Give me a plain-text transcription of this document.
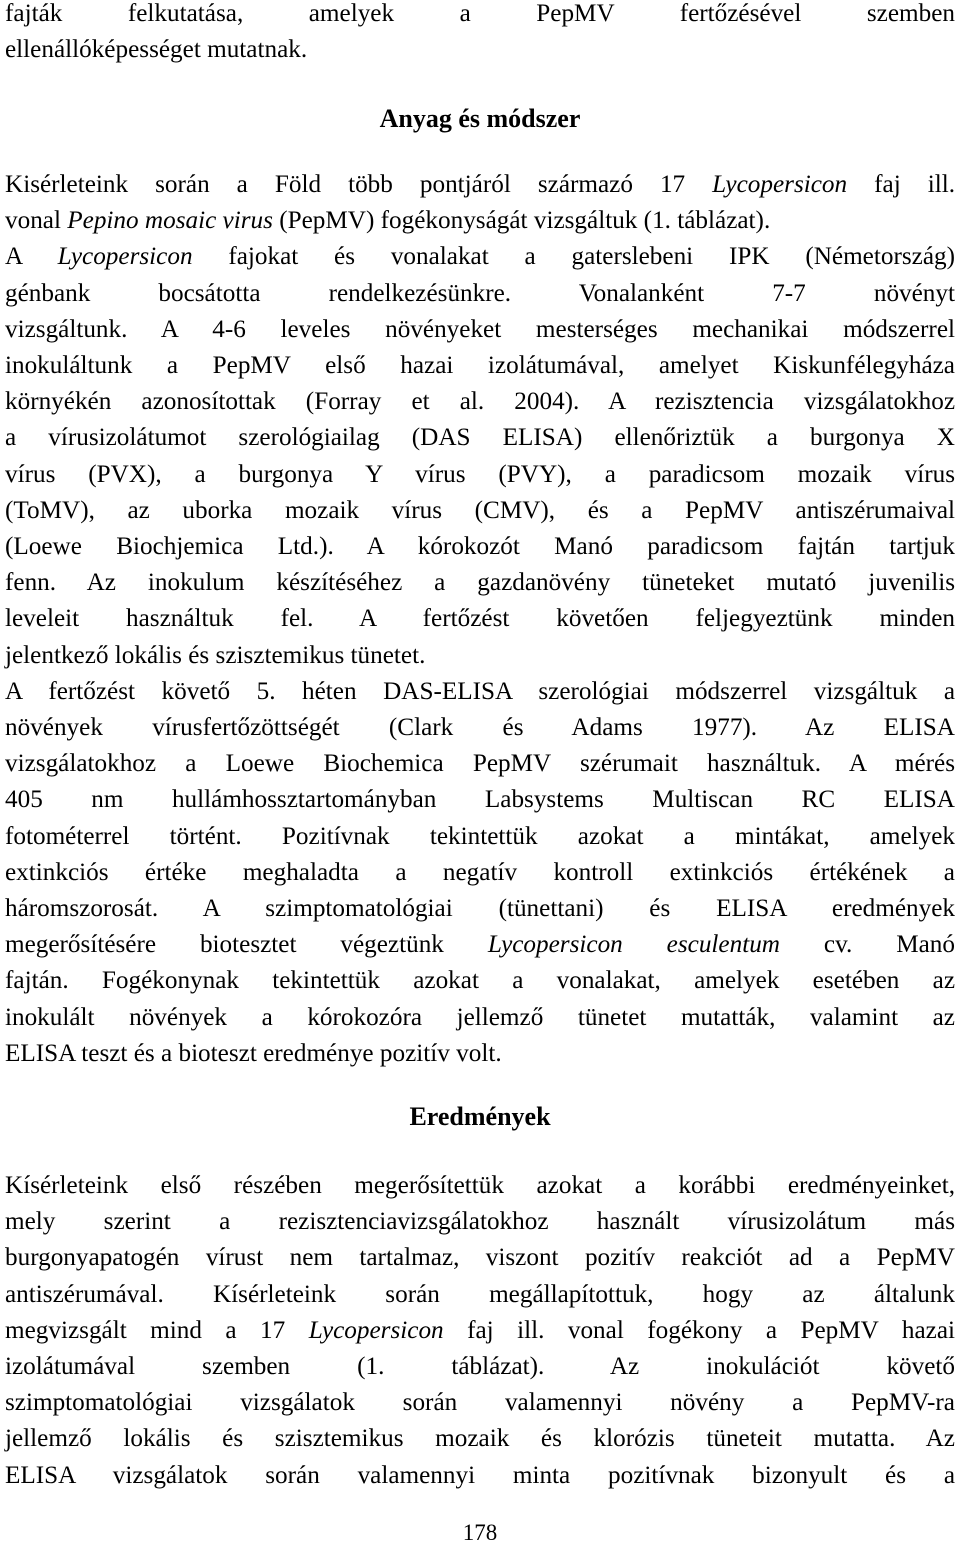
fajták felkutatása, amelyek a PepMV fertőzésével szemben
ellenállóképességet mutatnak.
Anyag és módszer
Kisérleteink során a Föld több pontjáról származó 17 Lycopersicon faj ill.
vonal Pepino mosaic virus (PepMV) fogékonyságát vizsgáltuk (1. táblázat).
A Lycopersicon fajokat és vonalakat a gaterslebeni IPK (Németország)
génbank bocsátotta rendelkezésünkre. Vonalanként 7-7 növényt
vizsgáltunk. A 4-6 leveles növényeket mesterséges mechanikai módszerrel
inokuláltunk a PepMV első hazai izolátumával, amelyet Kiskunfélegyháza
környékén azonosítottak (Forray et al. 2004). A rezisztencia vizsgálatokhoz
a vírusizolátumot szerológiailag (DAS ELISA) ellenőriztük a burgonya X
vírus (PVX), a burgonya Y vírus (PVY), a paradicsom mozaik vírus
(ToMV), az uborka mozaik vírus (CMV), és a PepMV antiszérumaival
(Loewe Biochjemica Ltd.). A kórokozót Manó paradicsom fajtán tartjuk
fenn. Az inokulum készítéséhez a gazdanövény tüneteket mutató juvenilis
leveleit használtuk fel. A fertőzést követően feljegyeztünk minden
jelentkező lokális és szisztemikus tünetet.
A fertőzést követő 5. héten DAS-ELISA szerológiai módszerrel vizsgáltuk a
növények vírusfertőzöttségét (Clark és Adams 1977). Az ELISA
vizsgálatokhoz a Loewe Biochemica PepMV szérumait használtuk. A mérés
405 nm hullámhossztartományban Labsystems Multiscan RC ELISA
fotométerrel történt. Pozitívnak tekintettük azokat a mintákat, amelyek
extinkciós értéke meghaladta a negatív kontroll extinkciós értékének a
háromszorosát. A szimptomatológiai (tünettani) és ELISA eredmények
megerősítésére biotesztet végeztünk Lycopersicon esculentum cv. Manó
fajtán. Fogékonynak tekintettük azokat a vonalakat, amelyek esetében az
inokulált növények a kórokozóra jellemző tünetet mutatták, valamint az
ELISA teszt és a bioteszt eredménye pozitív volt.
Eredmények
Kísérleteink első részében megerősítettük azokat a korábbi eredményeinket,
mely szerint a rezisztenciavizsgálatokhoz használt vírusizolátum más
burgonyapatogén vírust nem tartalmaz, viszont pozitív reakciót ad a PepMV
antiszérumával. Kísérleteink során megállapítottuk, hogy az általunk
megvizsgált mind a 17 Lycopersicon faj ill. vonal fogékony a PepMV hazai
izolátumával szemben (1. táblázat). Az inokulációt követő
szimptomatológiai vizsgálatok során valamennyi növény a PepMV-ra
jellemző lokális és szisztemikus mozaik és klorózis tüneteit mutatta. Az
ELISA vizsgálatok során valamennyi minta pozitívnak bizonyult és a
178
